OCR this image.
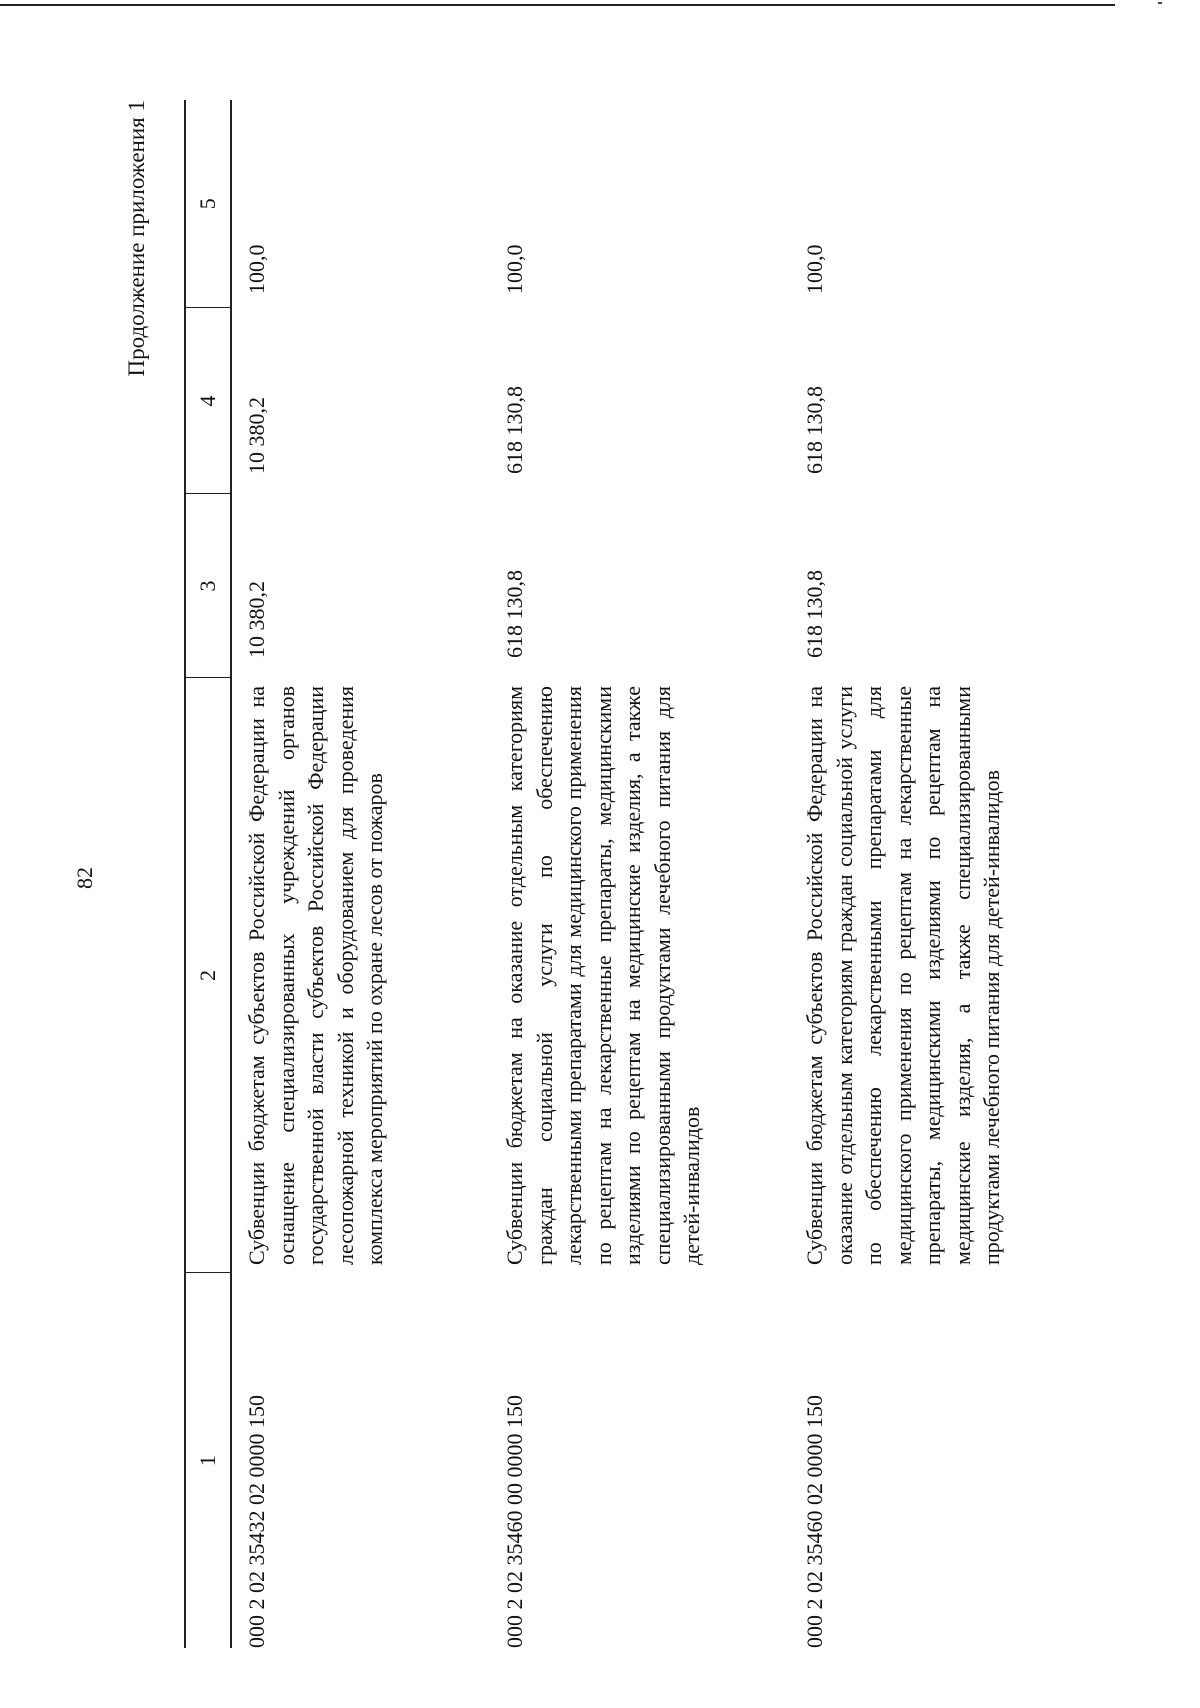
82
Продолжение приложения 1
1	2	3	4	5
000 2 02 35432 02 0000 150	Субвенции бюджетам субъектов Российской Федерации на оснащение специализированных учреждений органов государственной власти субъектов Российской Федерации лесопожарной техникой и оборудованием для проведения комплекса мероприятий по охране лесов от пожаров	10 380,2	10 380,2	100,0
000 2 02 35460 00 0000 150	Субвенции бюджетам на оказание отдельным категориям граждан социальной услуги по обеспечению лекарственными препаратами для медицинского применения по рецептам на лекарственные препараты, медицинскими изделиями по рецептам на медицинские изделия, а также специализированными продуктами лечебного питания для детей-инвалидов	618 130,8	618 130,8	100,0
000 2 02 35460 02 0000 150	Субвенции бюджетам субъектов Российской Федерации на оказание отдельным категориям граждан социальной услуги по обеспечению лекарственными препаратами для медицинского применения по рецептам на лекарственные препараты, медицинскими изделиями по рецептам на медицинские изделия, а также специализированными продуктами лечебного питания для детей-инвалидов	618 130,8	618 130,8	100,0
